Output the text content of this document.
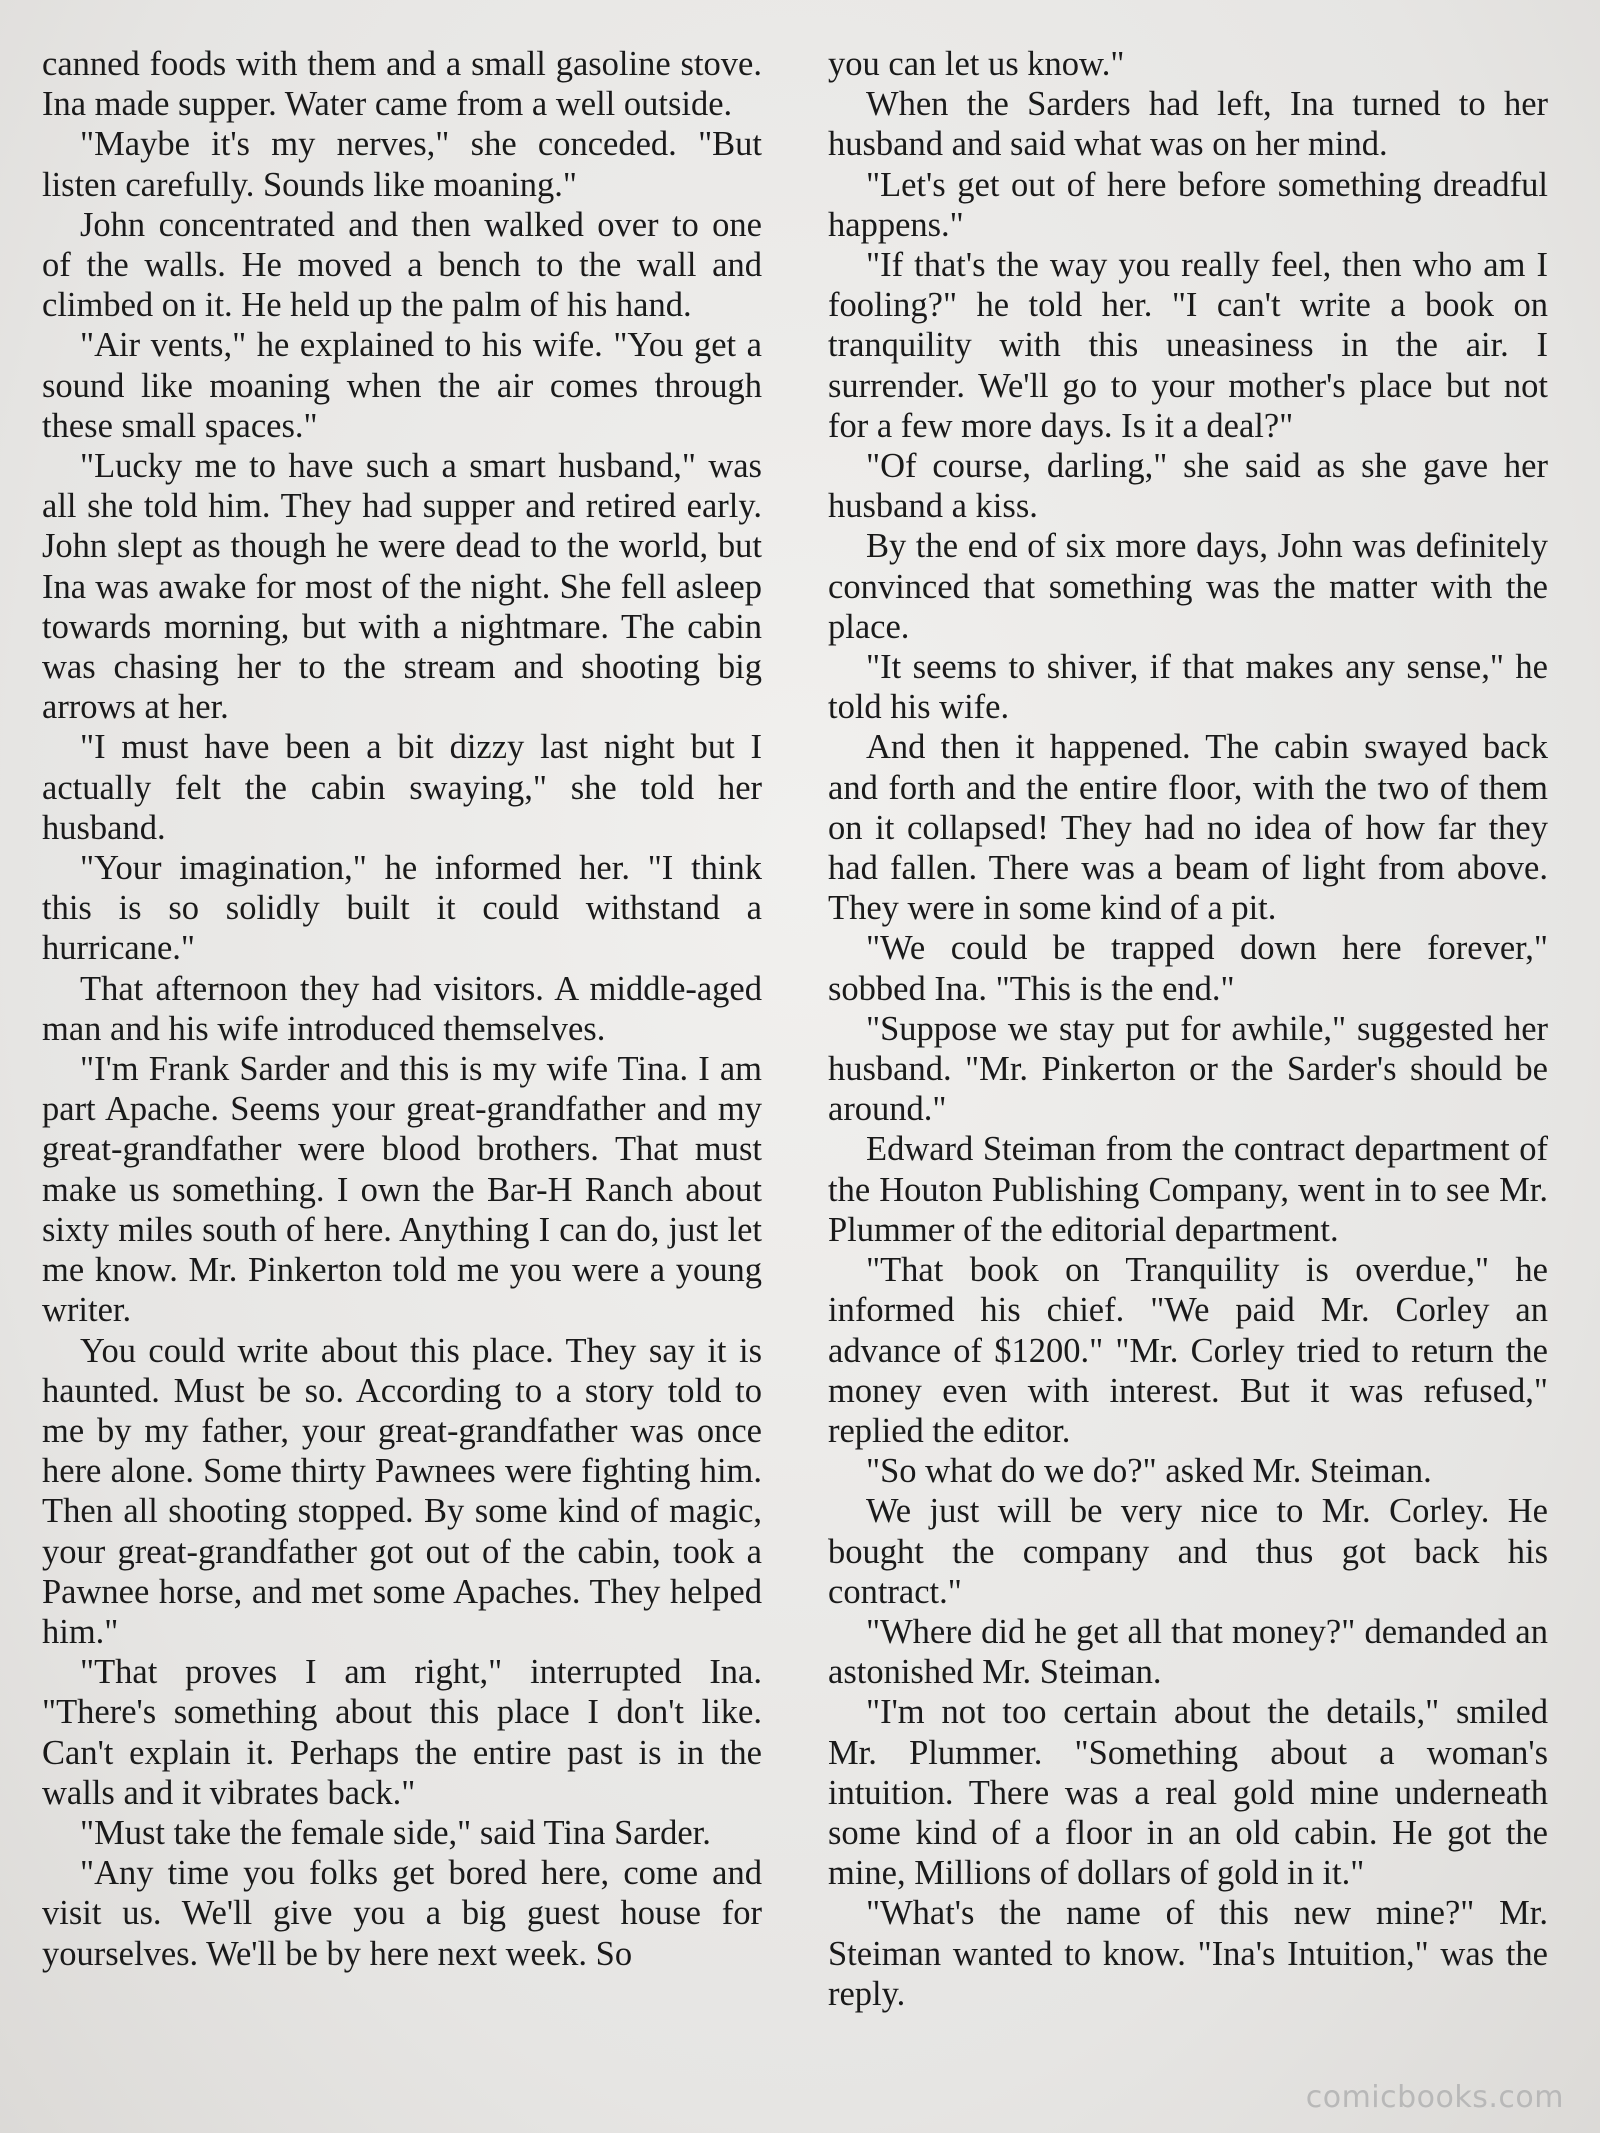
canned foods with them and a small gasoline stove. Ina made supper. Water came from a well outside.

"Maybe it's my nerves," she conceded. "But listen carefully. Sounds like moaning."

John concentrated and then walked over to one of the walls. He moved a bench to the wall and climbed on it. He held up the palm of his hand.

"Air vents," he explained to his wife. "You get a sound like moaning when the air comes through these small spaces."

"Lucky me to have such a smart husband," was all she told him. They had supper and retired early. John slept as though he were dead to the world, but Ina was awake for most of the night. She fell asleep towards morning, but with a nightmare. The cabin was chasing her to the stream and shooting big arrows at her.

"I must have been a bit dizzy last night but I actually felt the cabin swaying," she told her husband.

"Your imagination," he informed her. "I think this is so solidly built it could withstand a hurricane."

That afternoon they had visitors. A middle-aged man and his wife introduced themselves.

"I'm Frank Sarder and this is my wife Tina. I am part Apache. Seems your great-grandfather and my great-grandfather were blood brothers. That must make us something. I own the Bar-H Ranch about sixty miles south of here. Anything I can do, just let me know. Mr. Pinkerton told me you were a young writer.

You could write about this place. They say it is haunted. Must be so. According to a story told to me by my father, your great-grandfather was once here alone. Some thirty Pawnees were fighting him. Then all shooting stopped. By some kind of magic, your great-grandfather got out of the cabin, took a Pawnee horse, and met some Apaches. They helped him."

"That proves I am right," interrupted Ina. "There's something about this place I don't like. Can't explain it. Perhaps the entire past is in the walls and it vibrates back."

"Must take the female side," said Tina Sarder.

"Any time you folks get bored here, come and visit us. We'll give you a big guest house for yourselves. We'll be by here next week. So

you can let us know."

When the Sarders had left, Ina turned to her husband and said what was on her mind.

"Let's get out of here before something dreadful happens."

"If that's the way you really feel, then who am I fooling?" he told her. "I can't write a book on tranquility with this uneasiness in the air. I surrender. We'll go to your mother's place but not for a few more days. Is it a deal?"

"Of course, darling," she said as she gave her husband a kiss.

By the end of six more days, John was definitely convinced that something was the matter with the place.

"It seems to shiver, if that makes any sense," he told his wife.

And then it happened. The cabin swayed back and forth and the entire floor, with the two of them on it collapsed! They had no idea of how far they had fallen. There was a beam of light from above. They were in some kind of a pit.

"We could be trapped down here forever," sobbed Ina. "This is the end."

"Suppose we stay put for awhile," suggested her husband. "Mr. Pinkerton or the Sarder's should be around."

Edward Steiman from the contract department of the Houton Publishing Company, went in to see Mr. Plummer of the editorial department.

"That book on Tranquility is overdue," he informed his chief. "We paid Mr. Corley an advance of $1200." "Mr. Corley tried to return the money even with interest. But it was refused," replied the editor.

"So what do we do?" asked Mr. Steiman.

We just will be very nice to Mr. Corley. He bought the company and thus got back his contract."

"Where did he get all that money?" demanded an astonished Mr. Steiman.

"I'm not too certain about the details," smiled Mr. Plummer. "Something about a woman's intuition. There was a real gold mine underneath some kind of a floor in an old cabin. He got the mine, Millions of dollars of gold in it."

"What's the name of this new mine?" Mr. Steiman wanted to know. "Ina's Intuition," was the reply.

comicbooks.com
